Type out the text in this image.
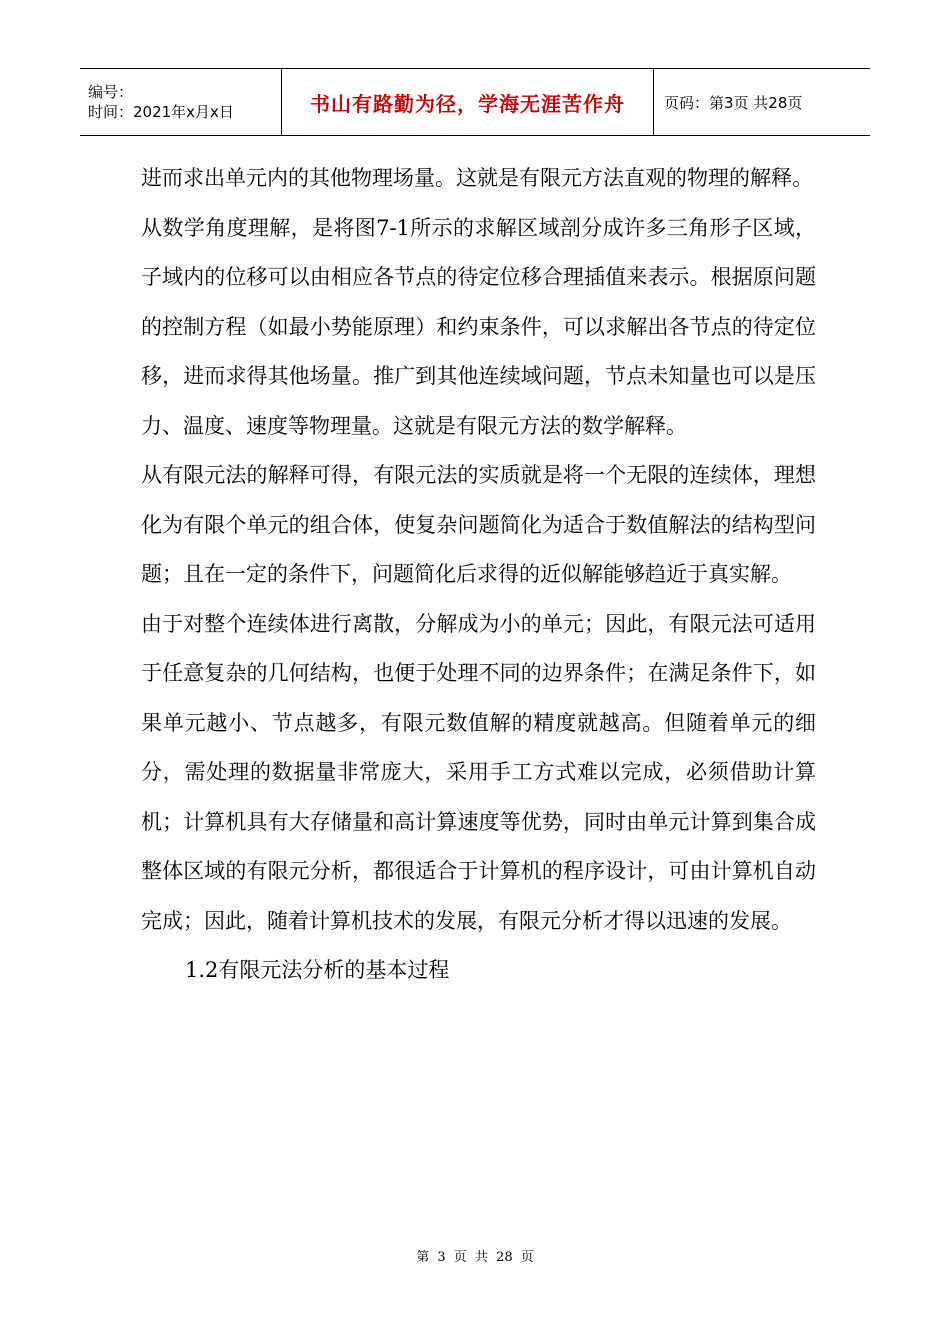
编号：
时间：2021年x月x日	书山有路勤为径，学海无涯苦作舟	页码：第3页 共28页

进而求出单元内的其他物理场量。这就是有限元方法直观的物理的解释。

从数学角度理解，是将图7-1所示的求解区域剖分成许多三角形子区域，子域内的位移可以由相应各节点的待定位移合理插值来表示。根据原问题的控制方程（如最小势能原理）和约束条件，可以求解出各节点的待定位移，进而求得其他场量。推广到其他连续域问题，节点未知量也可以是压力、温度、速度等物理量。这就是有限元方法的数学解释。

从有限元法的解释可得，有限元法的实质就是将一个无限的连续体，理想化为有限个单元的组合体，使复杂问题简化为适合于数值解法的结构型问题；且在一定的条件下，问题简化后求得的近似解能够趋近于真实解。

由于对整个连续体进行离散，分解成为小的单元；因此，有限元法可适用于任意复杂的几何结构，也便于处理不同的边界条件；在满足条件下，如果单元越小、节点越多，有限元数值解的精度就越高。但随着单元的细分，需处理的数据量非常庞大，采用手工方式难以完成，必须借助计算机；计算机具有大存储量和高计算速度等优势，同时由单元计算到集合成整体区域的有限元分析，都很适合于计算机的程序设计，可由计算机自动完成；因此，随着计算机技术的发展，有限元分析才得以迅速的发展。

1.2有限元法分析的基本过程

第 3 页 共 28 页
